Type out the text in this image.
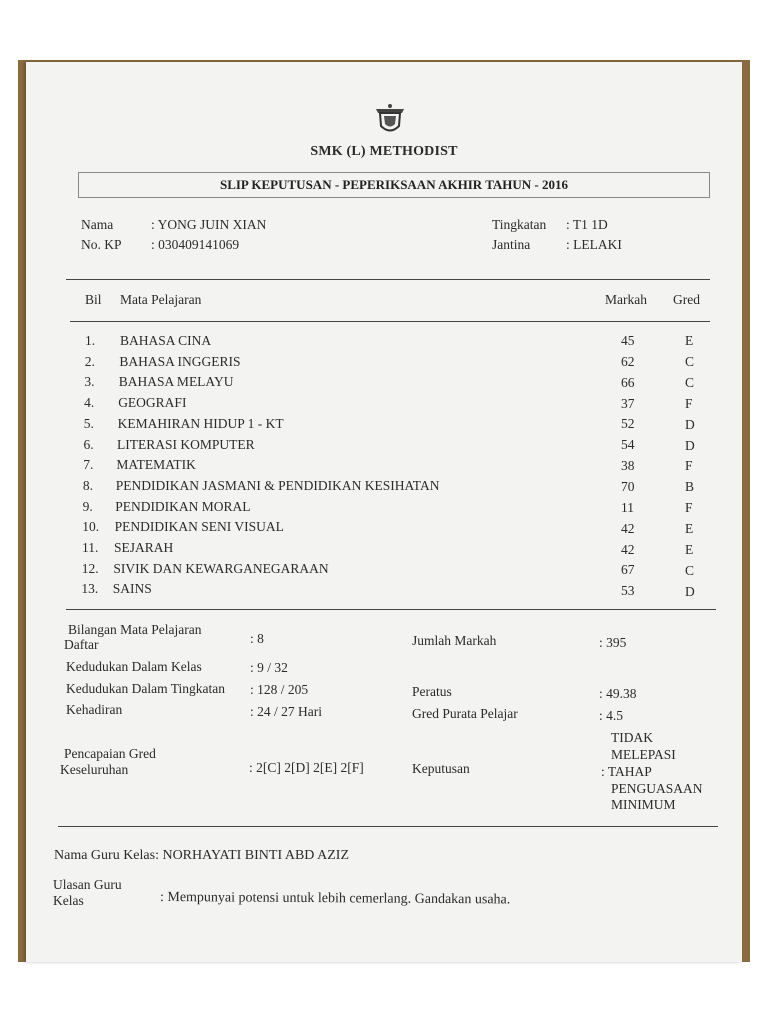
SMK (L) METHODIST
SLIP KEPUTUSAN - PEPERIKSAAN AKHIR TAHUN - 2016
Nama	: YONG JUIN XIAN
No. KP : 030409141069
Tingkatan : T1 1D
Jantina	: LELAKI
Bil Mata Pelajaran	Markah Gred
1. BAHASA CINA	45	E
2. BAHASA INGGERIS	62	C
3. BAHASA MELAYU	66	C
4. GEOGRAFI	37	F
5. KEMAHIRAN HIDUP 1 - KT	52	D
6. LITERASI KOMPUTER	54	D
7. MATEMATIK	38	F
8. PENDIDIKAN JASMANI & PENDIDIKAN KESIHATAN	70	B
9. PENDIDIKAN MORAL	11	F
10. PENDIDIKAN SENI VISUAL	42	E
11. SEJARAH	42	E
12. SIVIK DAN KEWARGANEGARAAN	67	C
13. SAINS	53	D
Bilangan Mata Pelajaran
Daftar	: 8	Jumlah Markah	: 395
Kedudukan Dalam Kelas	: 9 / 32
Kedudukan Dalam Tingkatan : 128 / 205	Peratus	: 49.38
Kehadiran	: 24 / 27 Hari	Gred Purata Pelajar	: 4.5
Pencapaian Gred
Keseluruhan	: 2[C] 2[D] 2[E] 2[F]	Keputusan
TIDAK
MELEPASI
: TAHAP
PENGUASAAN
MINIMUM
Nama Guru Kelas: NORHAYATI BINTI ABD AZIZ
Ulasan Guru
Kelas	: Mempunyai potensi untuk lebih cemerlang. Gandakan usaha.
